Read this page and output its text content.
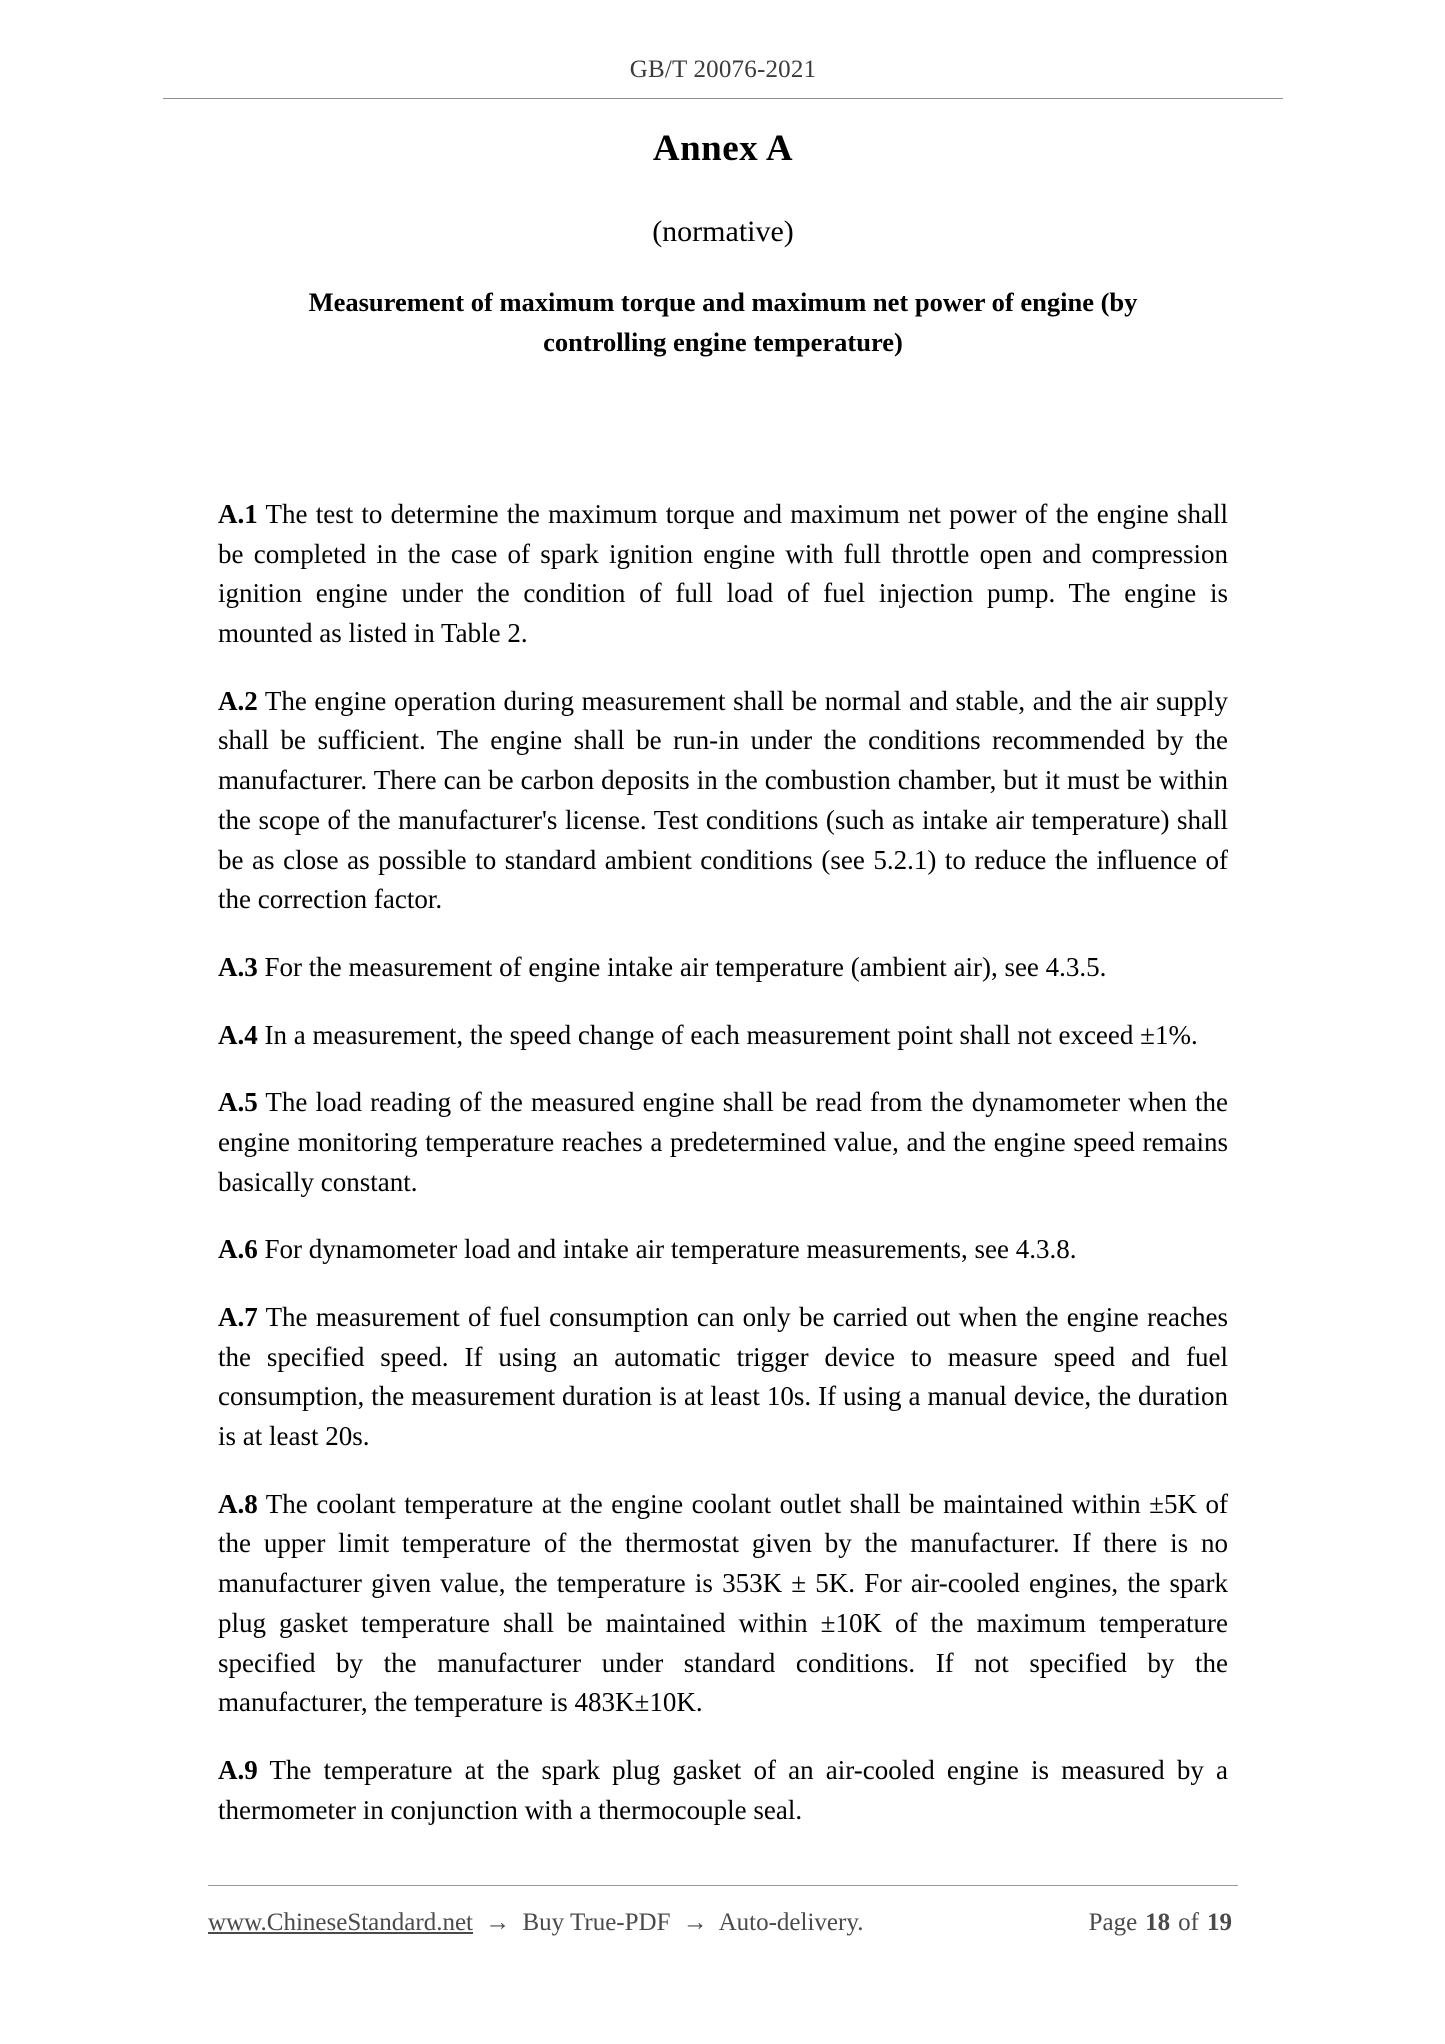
GB/T 20076-2021
Annex A
(normative)
Measurement of maximum torque and maximum net power of engine (by controlling engine temperature)

A.1 The test to determine the maximum torque and maximum net power of the engine shall be completed in the case of spark ignition engine with full throttle open and compression ignition engine under the condition of full load of fuel injection pump. The engine is mounted as listed in Table 2.

A.2 The engine operation during measurement shall be normal and stable, and the air supply shall be sufficient. The engine shall be run-in under the conditions recommended by the manufacturer. There can be carbon deposits in the combustion chamber, but it must be within the scope of the manufacturer's license. Test conditions (such as intake air temperature) shall be as close as possible to standard ambient conditions (see 5.2.1) to reduce the influence of the correction factor.

A.3 For the measurement of engine intake air temperature (ambient air), see 4.3.5.

A.4 In a measurement, the speed change of each measurement point shall not exceed ±1%.

A.5 The load reading of the measured engine shall be read from the dynamometer when the engine monitoring temperature reaches a predetermined value, and the engine speed remains basically constant.

A.6 For dynamometer load and intake air temperature measurements, see 4.3.8.

A.7 The measurement of fuel consumption can only be carried out when the engine reaches the specified speed. If using an automatic trigger device to measure speed and fuel consumption, the measurement duration is at least 10s. If using a manual device, the duration is at least 20s.

A.8 The coolant temperature at the engine coolant outlet shall be maintained within ±5K of the upper limit temperature of the thermostat given by the manufacturer. If there is no manufacturer given value, the temperature is 353K ± 5K. For air-cooled engines, the spark plug gasket temperature shall be maintained within ±10K of the maximum temperature specified by the manufacturer under standard conditions. If not specified by the manufacturer, the temperature is 483K±10K.

A.9 The temperature at the spark plug gasket of an air-cooled engine is measured by a thermometer in conjunction with a thermocouple seal.

www.ChineseStandard.net → Buy True-PDF → Auto-delivery.	Page 18 of 19
